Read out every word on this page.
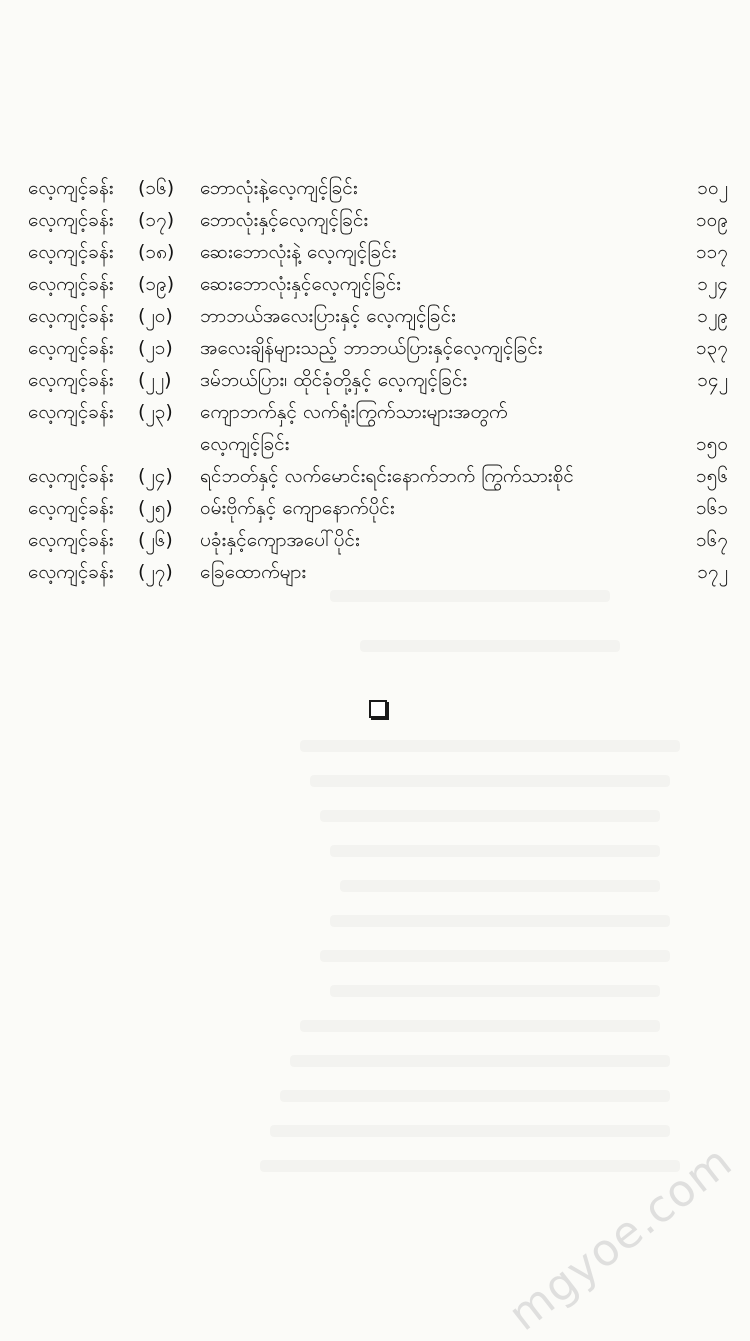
လေ့ကျင့်ခန်း (၁၆) ဘောလုံးနဲ့လေ့ကျင့်ခြင်း	၁၀၂
လေ့ကျင့်ခန်း (၁၇) ဘောလုံးနှင့်လေ့ကျင့်ခြင်း	၁၀၉
လေ့ကျင့်ခန်း (၁၈) ဆေးဘောလုံးနဲ့ လေ့ကျင့်ခြင်း	၁၁၇
လေ့ကျင့်ခန်း (၁၉) ဆေးဘောလုံးနှင့်လေ့ကျင့်ခြင်း	၁၂၄
လေ့ကျင့်ခန်း (၂၀) ဘာဘယ်အလေးပြားနှင့် လေ့ကျင့်ခြင်း	၁၂၉
လေ့ကျင့်ခန်း (၂၁) အလေးချိန်များသည့် ဘာဘယ်ပြားနှင့်လေ့ကျင့်ခြင်း	၁၃၇
လေ့ကျင့်ခန်း (၂၂) ဒမ်ဘယ်ပြား၊ ထိုင်ခုံတို့နှင့် လေ့ကျင့်ခြင်း	၁၄၂
လေ့ကျင့်ခန်း (၂၃) ကျောဘက်နှင့် လက်ရုံးကြွက်သားများအတွက်
လေ့ကျင့်ခြင်း	၁၅၀
လေ့ကျင့်ခန်း (၂၄) ရင်ဘတ်နှင့် လက်မောင်းရင်းနောက်ဘက် ကြွက်သားစိုင်	၁၅၆
လေ့ကျင့်ခန်း (၂၅) ဝမ်းဗိုက်နှင့် ကျောနောက်ပိုင်း	၁၆၁
လေ့ကျင့်ခန်း (၂၆) ပခုံးနှင့်ကျောအပေါ်ပိုင်း	၁၆၇
လေ့ကျင့်ခန်း (၂၇) ခြေထောက်များ	၁၇၂
mgyoe.com
